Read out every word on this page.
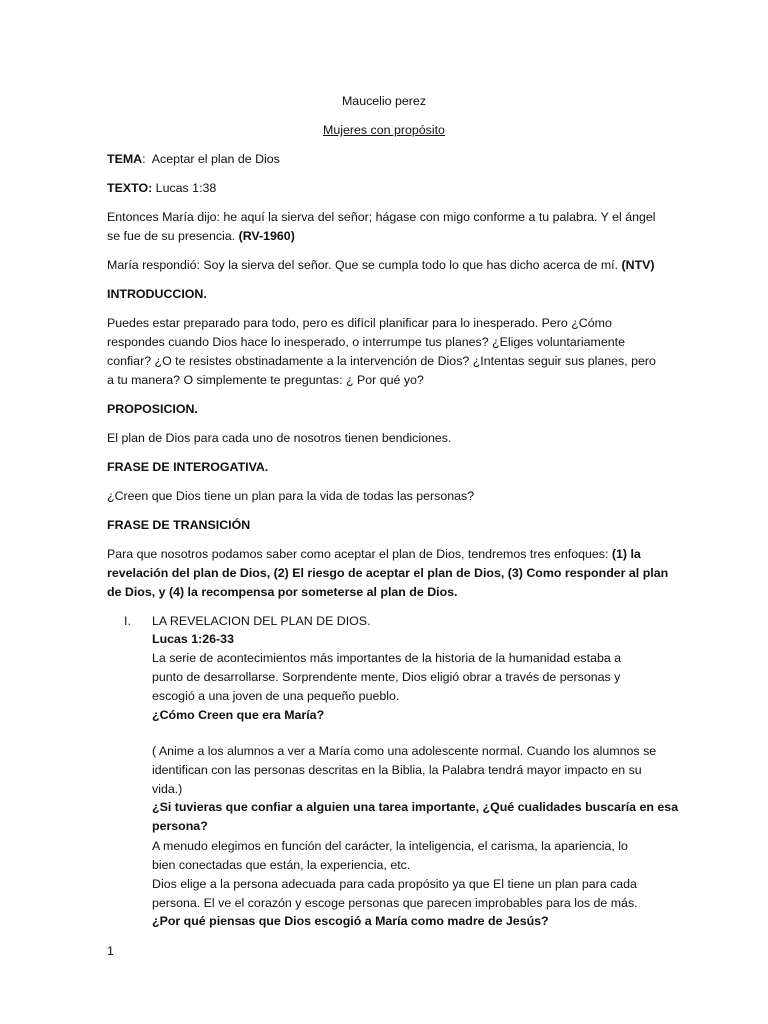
Maucelio perez
Mujeres con propósito
TEMA: Aceptar el plan de Dios
TEXTO: Lucas 1:38
Entonces María dijo: he aquí la sierva del señor; hágase con migo conforme a tu palabra. Y el ángel
se fue de su presencia. (RV-1960)
María respondió: Soy la sierva del señor. Que se cumpla todo lo que has dicho acerca de mí. (NTV)
INTRODUCCION.
Puedes estar preparado para todo, pero es difícil planificar para lo inesperado. Pero ¿Cómo
respondes cuando Dios hace lo inesperado, o interrumpe tus planes? ¿Eliges voluntariamente
confiar? ¿O te resistes obstinadamente a la intervención de Dios? ¿Intentas seguir sus planes, pero
a tu manera? O simplemente te preguntas: ¿ Por qué yo?
PROPOSICION.
El plan de Dios para cada uno de nosotros tienen bendiciones.
FRASE DE INTEROGATIVA.
¿Creen que Dios tiene un plan para la vida de todas las personas?
FRASE DE TRANSICIÓN
Para que nosotros podamos saber como aceptar el plan de Dios, tendremos tres enfoques: (1) la
revelación del plan de Dios, (2) El riesgo de aceptar el plan de Dios, (3) Como responder al plan
de Dios, y (4) la recompensa por someterse al plan de Dios.
I. LA REVELACION DEL PLAN DE DIOS.
Lucas 1:26-33
La serie de acontecimientos más importantes de la historia de la humanidad estaba a
punto de desarrollarse. Sorprendente mente, Dios eligió obrar a través de personas y
escogió a una joven de una pequeño pueblo.
¿Cómo Creen que era María?
( Anime a los alumnos a ver a María como una adolescente normal. Cuando los alumnos se
identifican con las personas descritas en la Biblia, la Palabra tendrá mayor impacto en su
vida.)
¿Si tuvieras que confiar a alguien una tarea importante, ¿Qué cualidades buscaría en esa
persona?
A menudo elegimos en función del carácter, la inteligencia, el carisma, la apariencia, lo
bien conectadas que están, la experiencia, etc.
Dios elige a la persona adecuada para cada propósito ya que El tiene un plan para cada
persona. El ve el corazón y escoge personas que parecen improbables para los de más.
¿Por qué piensas que Dios escogió a María como madre de Jesús?
1
